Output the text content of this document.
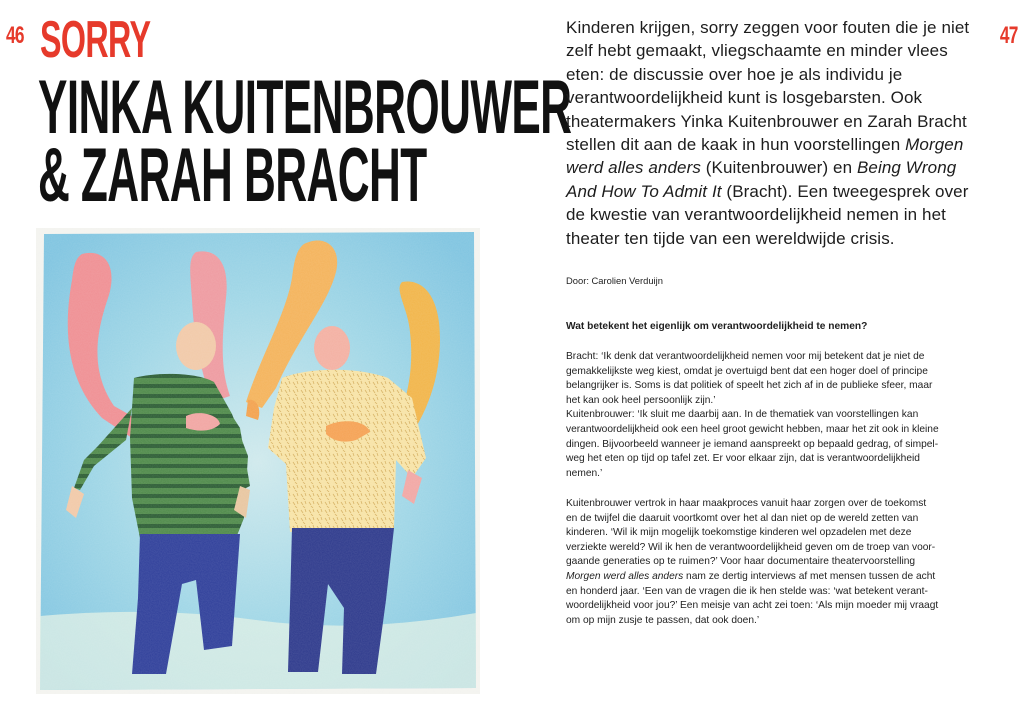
46 SORRY
YINKA KUITENBROUWER
& ZARAH BRACHT
47
Kinderen krijgen, sorry zeggen voor fouten die je niet zelf hebt gemaakt, vliegschaamte en minder vlees eten: de discussie over hoe je als individu je verantwoordelijkheid kunt is losgebarsten. Ook theatermakers Yinka Kuitenbrouwer en Zarah Bracht stellen dit aan de kaak in hun voorstellingen Morgen werd alles anders (Kuitenbrouwer) en Being Wrong And How To Admit It (Bracht). Een tweegesprek over de kwestie van verantwoordelijkheid nemen in het theater ten tijde van een wereldwijde crisis.
Door: Carolien Verduijn
Wat betekent het eigenlijk om verantwoordelijkheid te nemen?

Bracht: ‘Ik denk dat verantwoordelijkheid nemen voor mij betekent dat je niet de

gemakkelijkste weg kiest, omdat je overtuigd bent dat een hoger doel of principe

belangrijker is. Soms is dat politiek of speelt het zich af in de publieke sfeer, maar

het kan ook heel persoonlijk zijn.’

Kuitenbrouwer: ‘Ik sluit me daarbij aan. In de thematiek van voorstellingen kan

verantwoordelijkheid ook een heel groot gewicht hebben, maar het zit ook in kleine

dingen. Bijvoorbeeld wanneer je iemand aanspreekt op bepaald gedrag, of simpel-

weg het eten op tijd op tafel zet. Er voor elkaar zijn, dat is verantwoordelijkheid

nemen.’

Kuitenbrouwer vertrok in haar maakproces vanuit haar zorgen over de toekomst

en de twijfel die daaruit voortkomt over het al dan niet op de wereld zetten van

kinderen. ‘Wil ik mijn mogelijk toekomstige kinderen wel opzadelen met deze

verziekte wereld? Wil ik hen de verantwoordelijkheid geven om de troep van voor-

gaande generaties op te ruimen?’ Voor haar documentaire theatervoorstelling

Morgen werd alles anders nam ze dertig interviews af met mensen tussen de acht

en honderd jaar. ‘Een van de vragen die ik hen stelde was: ‘wat betekent verant-

woordelijkheid voor jou?’ Een meisje van acht zei toen: ‘Als mijn moeder mij vraagt

om op mijn zusje te passen, dat ook doen.’
